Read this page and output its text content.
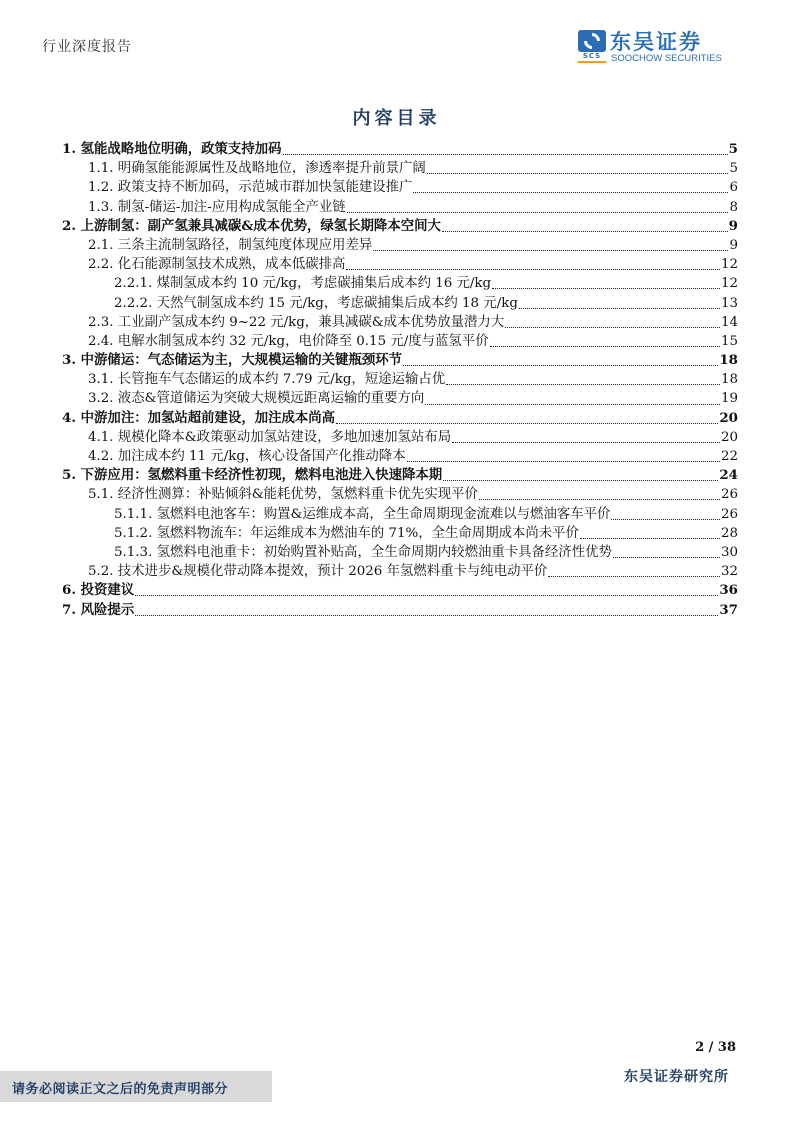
行业深度报告
SCS
东吴证券
SOOCHOW SECURITIES
内容目录
1. 氢能战略地位明确，政策支持加码	5
1.1. 明确氢能能源属性及战略地位，渗透率提升前景广阔	5
1.2. 政策支持不断加码，示范城市群加快氢能建设推广	6
1.3. 制氢-储运-加注-应用构成氢能全产业链	8
2. 上游制氢：副产氢兼具减碳&成本优势，绿氢长期降本空间大	9
2.1. 三条主流制氢路径，制氢纯度体现应用差异	9
2.2. 化石能源制氢技术成熟，成本低碳排高	12
2.2.1. 煤制氢成本约 10 元/kg，考虑碳捕集后成本约 16 元/kg	12
2.2.2. 天然气制氢成本约 15 元/kg，考虑碳捕集后成本约 18 元/kg	13
2.3. 工业副产氢成本约 9~22 元/kg，兼具减碳&成本优势放量潜力大	14
2.4. 电解水制氢成本约 32 元/kg，电价降至 0.15 元/度与蓝氢平价	15
3. 中游储运：气态储运为主，大规模运输的关键瓶颈环节	18
3.1. 长管拖车气态储运的成本约 7.79 元/kg，短途运输占优	18
3.2. 液态&管道储运为突破大规模远距离运输的重要方向	19
4. 中游加注：加氢站超前建设，加注成本尚高	20
4.1. 规模化降本&政策驱动加氢站建设，多地加速加氢站布局	20
4.2. 加注成本约 11 元/kg，核心设备国产化推动降本	22
5. 下游应用：氢燃料重卡经济性初现，燃料电池进入快速降本期	24
5.1. 经济性测算：补贴倾斜&能耗优势，氢燃料重卡优先实现平价	26
5.1.1. 氢燃料电池客车：购置&运维成本高，全生命周期现金流难以与燃油客车平价	26
5.1.2. 氢燃料物流车：年运维成本为燃油车的 71%，全生命周期成本尚未平价	28
5.1.3. 氢燃料电池重卡：初始购置补贴高，全生命周期内较燃油重卡具备经济性优势	30
5.2. 技术进步&规模化带动降本提效，预计 2026 年氢燃料重卡与纯电动平价	32
6. 投资建议	36
7. 风险提示	37
2 / 38
东吴证券研究所
请务必阅读正文之后的免责声明部分
